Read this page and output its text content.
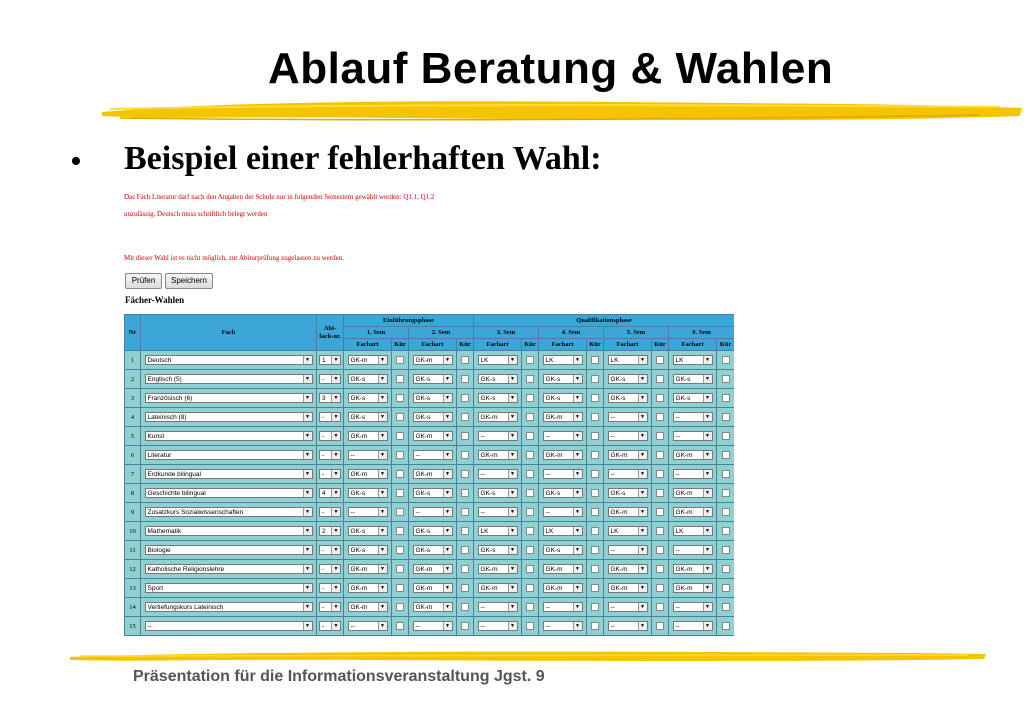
Ablauf Beratung & Wahlen
• Beispiel einer fehlerhaften Wahl:
Das Fach Literatur darf nach den Angaben der Schule nur in folgenden Semestern gewählt werden: Q1.1, Q1.2
unzulässig, Deutsch muss schriftlich belegt werden
Mit dieser Wahl ist es nicht möglich, zur Abiturprüfung zugelassen zu werden.
Prüfen	Speichern
Fächer-Wahlen
Nr	Fach	Abi-fach-nr.	Einführungsphase				Qualifikationsphase							
			1. Sem		2. Sem		3. Sem		4. Sem		5. Sem		6. Sem	
			Fachart	Kür	Fachart	Kür	Fachart	Kür	Fachart	Kür	Fachart	Kür	Fachart	Kür
1	Deutsch ▼	1 ▼	GK-m ▼		GK-m ▼		LK ▼		LK ▼		LK ▼		LK ▼	

2	Englisch (5) ▼	- ▼	GK-s ▼		GK-s ▼		GK-s ▼		GK-s ▼		GK-s ▼		GK-s ▼	

3	Französisch (6) ▼	3 ▼	GK-s ▼		GK-s ▼		GK-s ▼		GK-s ▼		GK-s ▼		GK-s ▼	

4	Lateinisch (8) ▼	- ▼	GK-s ▼		GK-s ▼		GK-m ▼		GK-m ▼		-- ▼		-- ▼	

5	Kunst ▼	- ▼	GK-m ▼		GK-m ▼		-- ▼		-- ▼		-- ▼		-- ▼	

6	Literatur ▼	- ▼	-- ▼		-- ▼		GK-m ▼		GK-m ▼		GK-m ▼		GK-m ▼	

7	Erdkunde bilingual ▼	- ▼	GK-m ▼		GK-m ▼		-- ▼		-- ▼		-- ▼		-- ▼	

8	Geschichte bilingual ▼	4 ▼	GK-s ▼		GK-s ▼		GK-s ▼		GK-s ▼		GK-s ▼		GK-m ▼	

9	Zusatzkurs Sozialwissenschaften ▼	- ▼	-- ▼		-- ▼		-- ▼		-- ▼		GK-m ▼		GK-m ▼	

10	Mathematik ▼	2 ▼	GK-s ▼		GK-s ▼		LK ▼		LK ▼		LK ▼		LK ▼	

11	Biologie ▼	- ▼	GK-s ▼		GK-s ▼		GK-s ▼		GK-s ▼		-- ▼		-- ▼	

12	Katholische Religionslehre ▼	- ▼	GK-m ▼		GK-m ▼		GK-m ▼		GK-m ▼		GK-m ▼		GK-m ▼	

13	Sport ▼	- ▼	GK-m ▼		GK-m ▼		GK-m ▼		GK-m ▼		GK-m ▼		GK-m ▼	

14	Vertiefungskurs Lateinisch ▼	- ▼	GK-m ▼		GK-m ▼		-- ▼		-- ▼		-- ▼		-- ▼	

15	-- ▼	- ▼	-- ▼		-- ▼		-- ▼		-- ▼		-- ▼		-- ▼	

Präsentation für die Informationsveranstaltung Jgst. 9
